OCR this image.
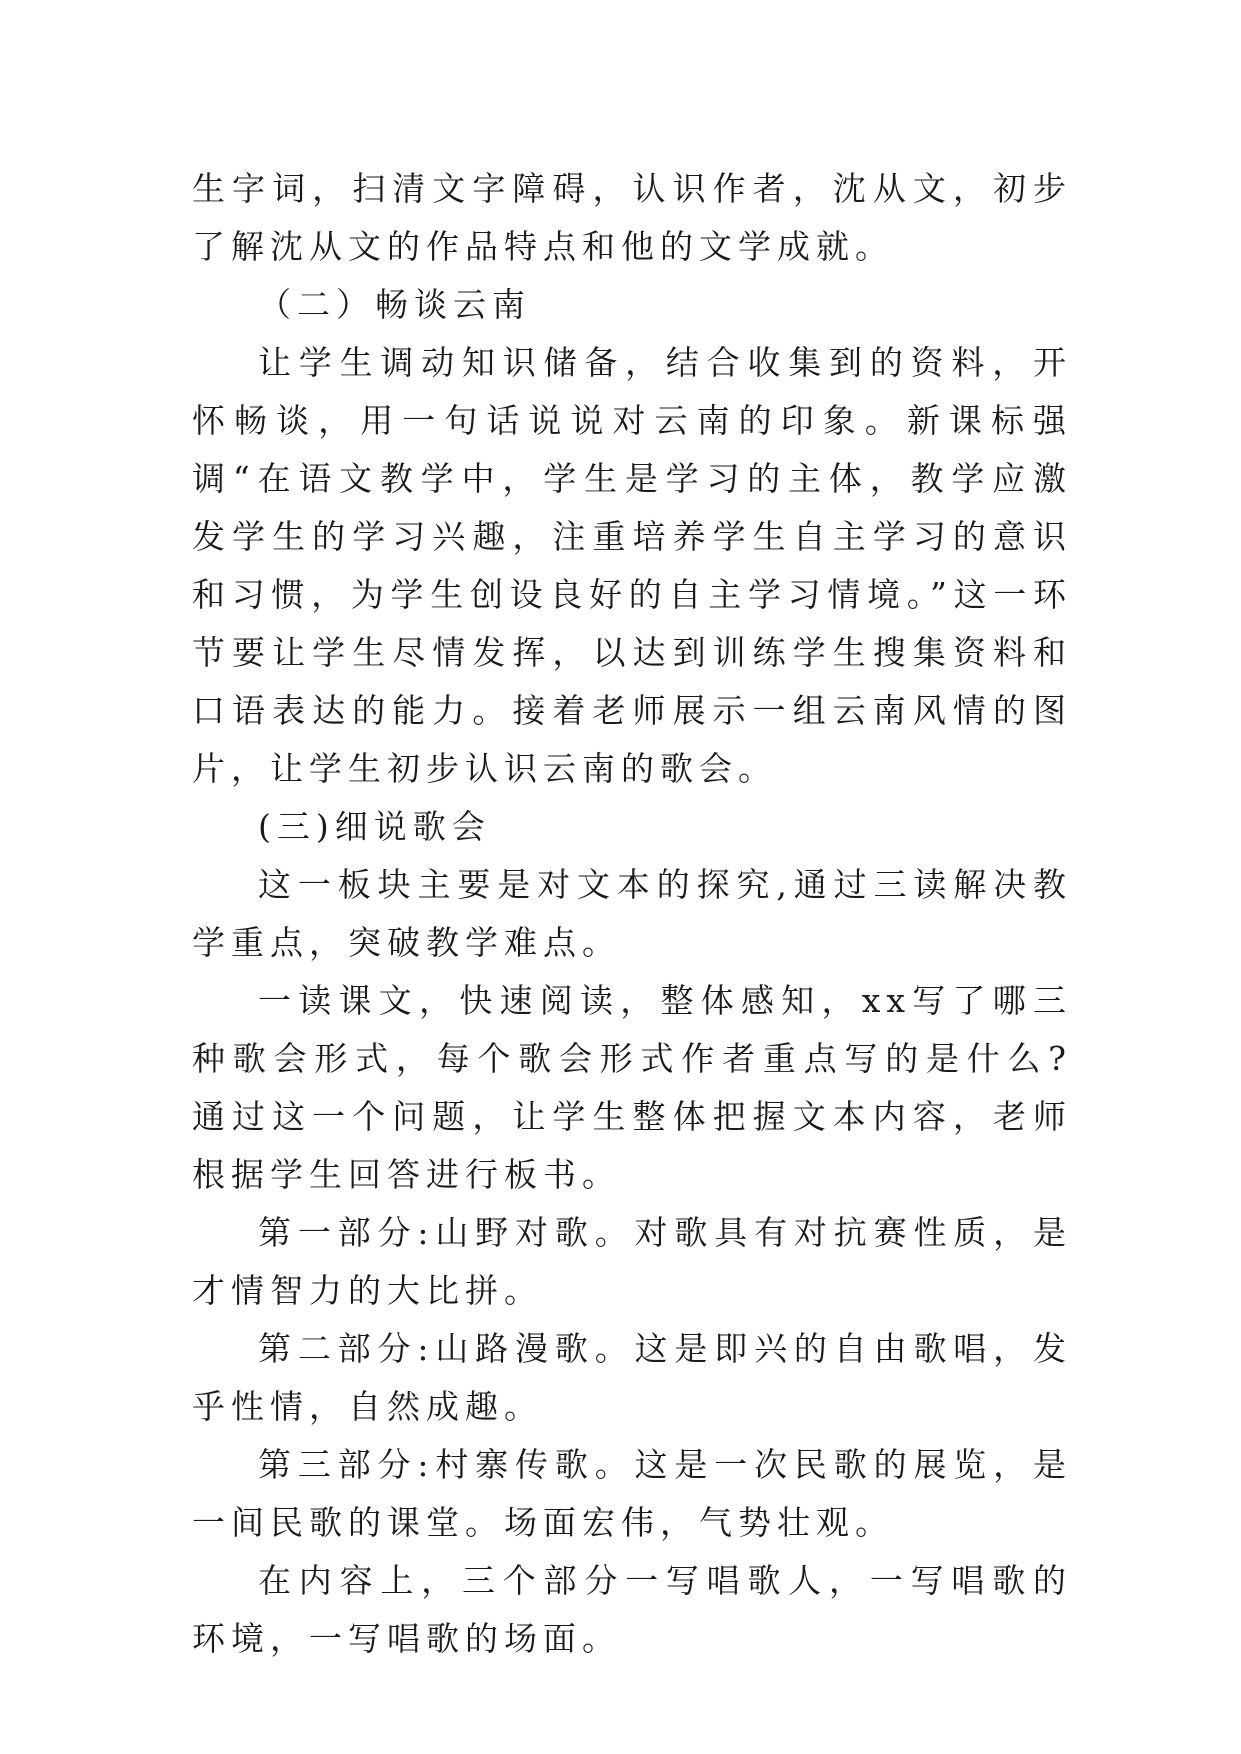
生字词，扫清文字障碍，认识作者，沈从文，初步了解沈从文的作品特点和他的文学成就。

（二）畅谈云南

让学生调动知识储备，结合收集到的资料，开怀畅谈，用一句话说说对云南的印象。新课标强调“在语文教学中，学生是学习的主体，教学应激发学生的学习兴趣，注重培养学生自主学习的意识和习惯，为学生创设良好的自主学习情境。”这一环节要让学生尽情发挥，以达到训练学生搜集资料和口语表达的能力。接着老师展示一组云南风情的图片，让学生初步认识云南的歌会。

(三)细说歌会

这一板块主要是对文本的探究,通过三读解决教学重点，突破教学难点。

一读课文，快速阅读，整体感知，xx写了哪三种歌会形式，每个歌会形式作者重点写的是什么?通过这一个问题，让学生整体把握文本内容，老师根据学生回答进行板书。

第一部分:山野对歌。对歌具有对抗赛性质，是才情智力的大比拼。

第二部分:山路漫歌。这是即兴的自由歌唱，发乎性情，自然成趣。

第三部分:村寨传歌。这是一次民歌的展览，是一间民歌的课堂。场面宏伟，气势壮观。

在内容上，三个部分一写唱歌人，一写唱歌的环境，一写唱歌的场面。
